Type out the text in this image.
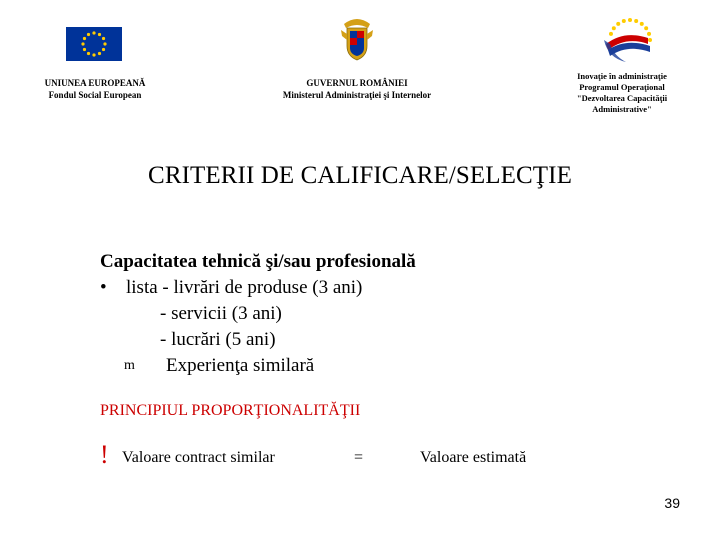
UNIUNEA EUROPEANĂ
Fondul Social European
GUVERNUL ROMÂNIEI
Ministerul Administraţiei şi Internelor
Inovaţie în administraţie
Programul Operaţional
"Dezvoltarea Capacităţii
Administrative"
CRITERII DE CALIFICARE/SELECŢIE
Capacitatea tehnică şi/sau profesională
• lista - livrări de produse (3 ani)
- servicii (3 ani)
- lucrări (5 ani)
m Experienţa similară
PRINCIPIUL PROPORŢIONALITĂŢII
! Valoare contract similar	=	Valoare estimată
39
